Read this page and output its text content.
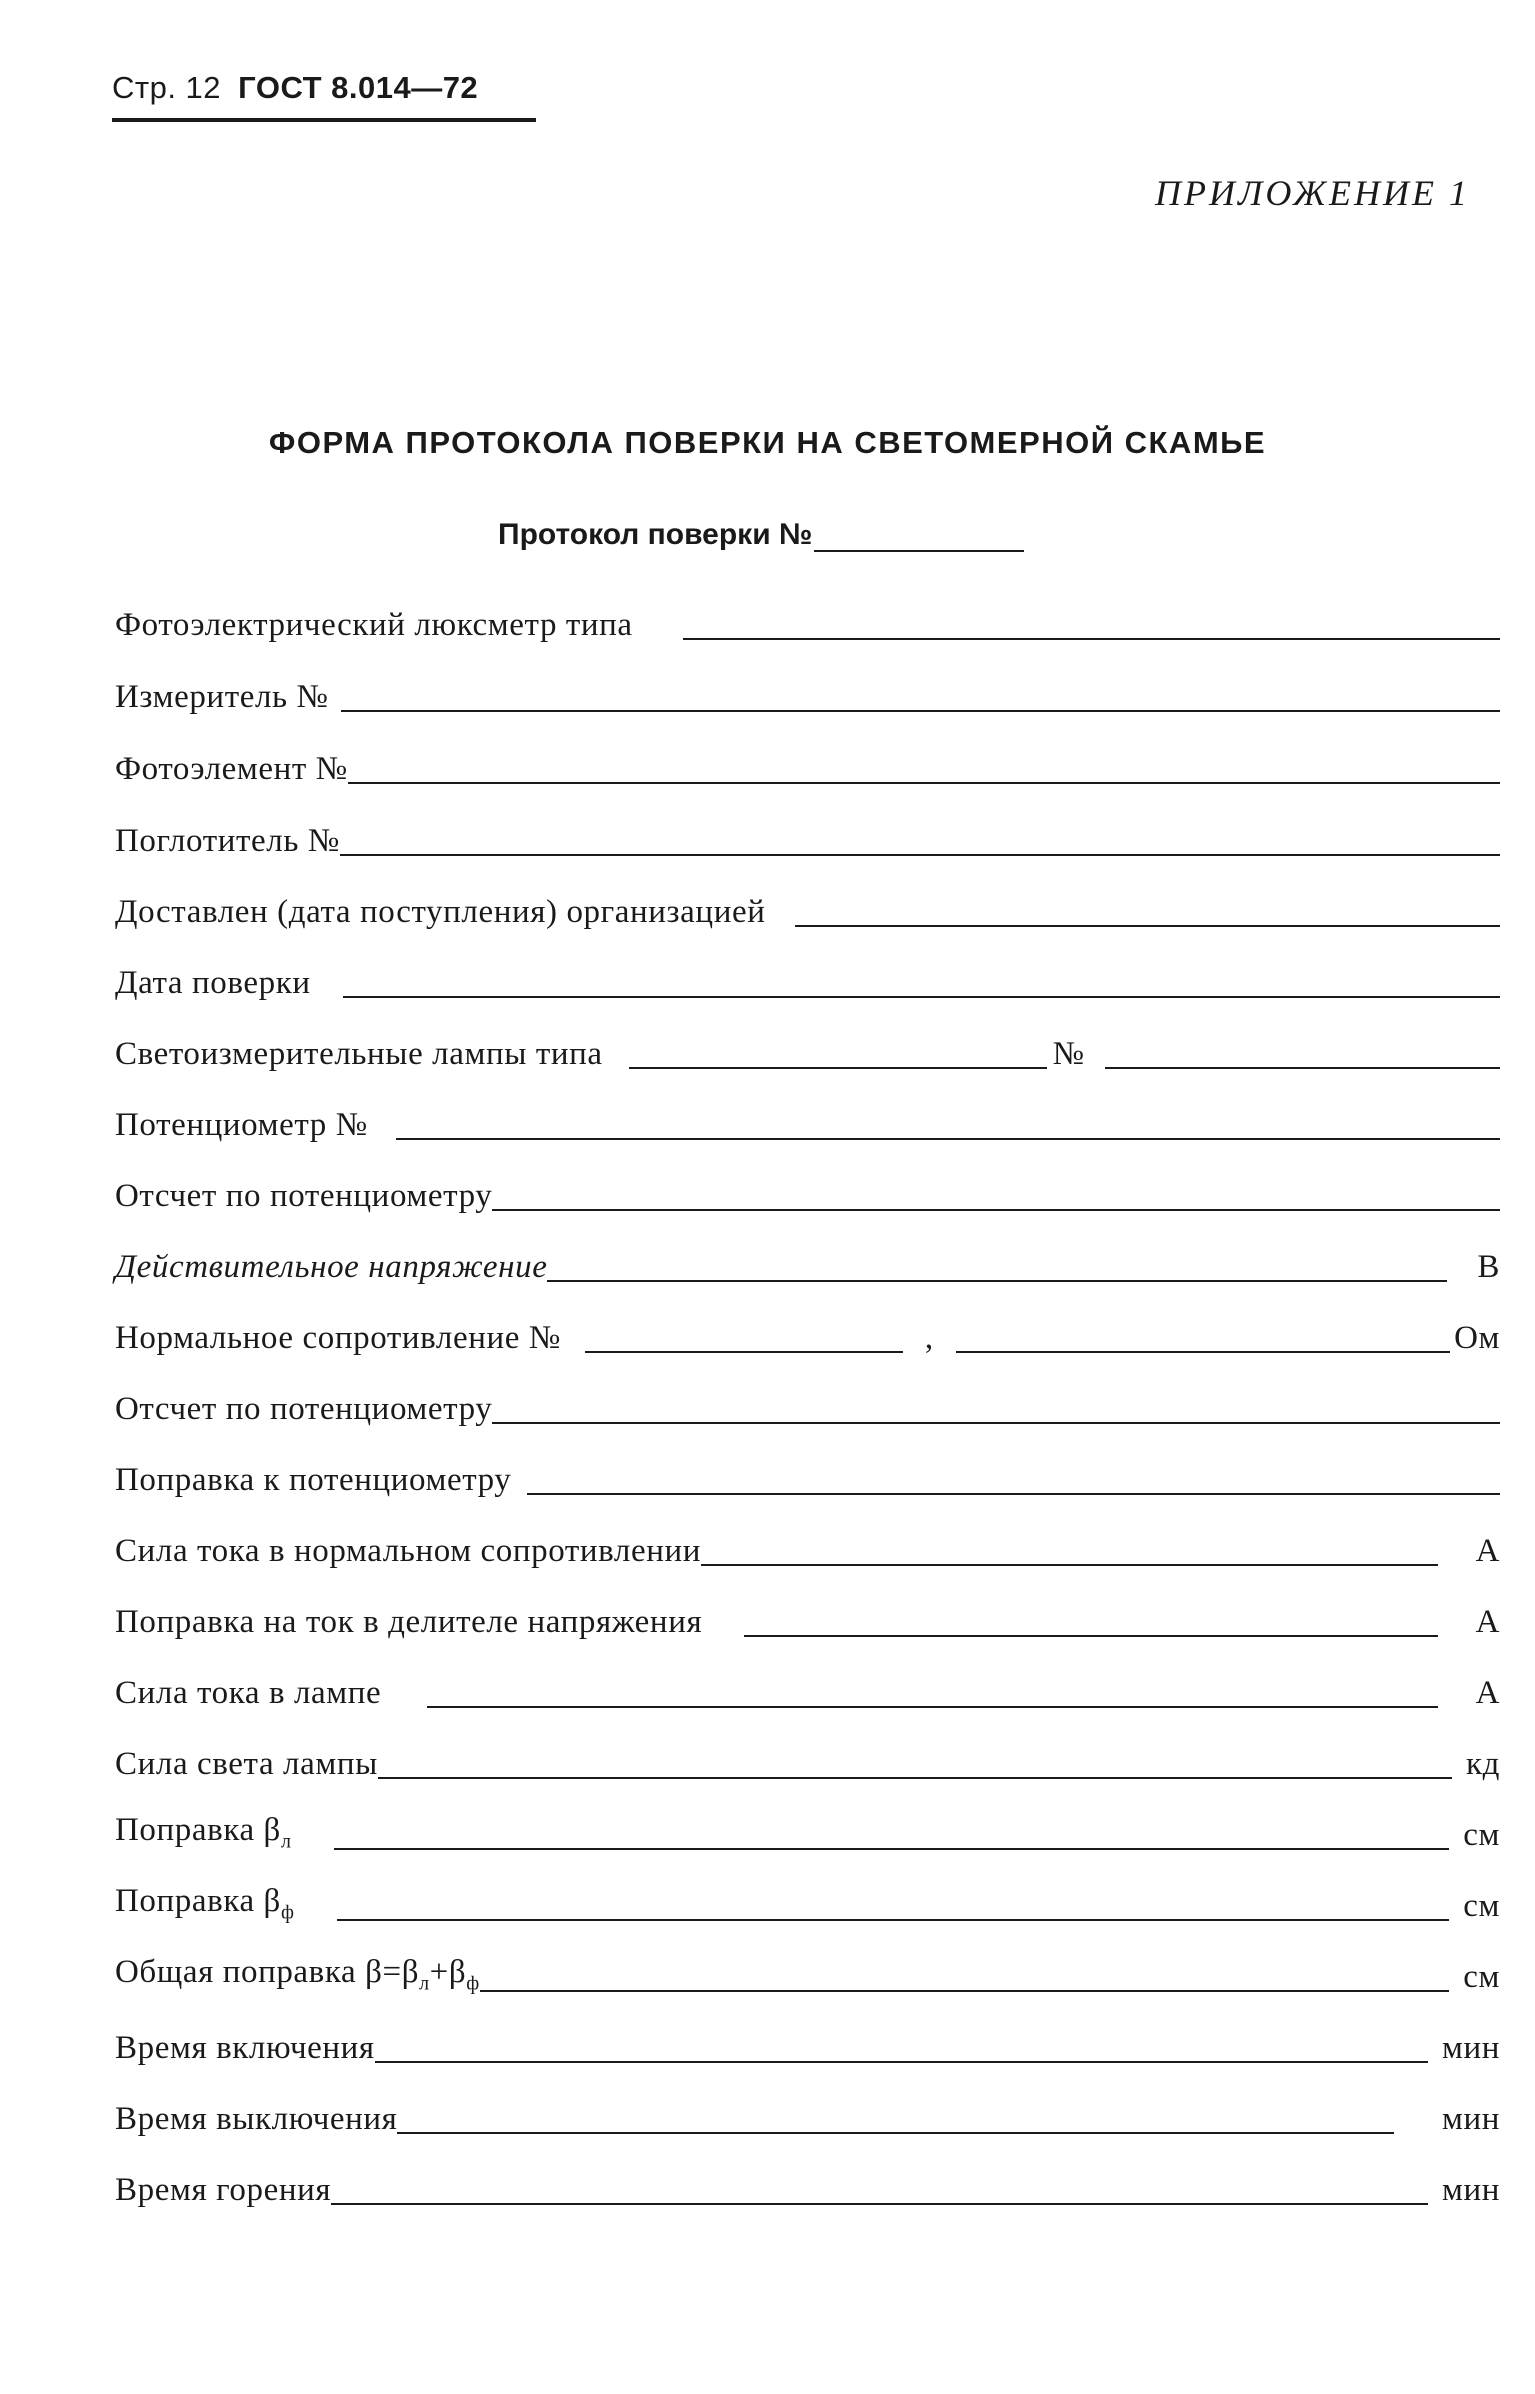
Стр. 12 ГОСТ 8.014—72
ПРИЛОЖЕНИЕ 1
ФОРМА ПРОТОКОЛА ПОВЕРКИ НА СВЕТОМЕРНОЙ СКАМЬЕ
Протокол поверки №
Фотоэлектрический люксметр типа
Измеритель №
Фотоэлемент №
Поглотитель №
Доставлен (дата поступления) организацией
Дата поверки
Светоизмерительные лампы типа	№
Потенциометр №
Отсчет по потенциометру
Действительное напряжение	В
Нормальное сопротивление №	,	Ом
Отсчет по потенциометру
Поправка к потенциометру
Сила тока в нормальном сопротивлении	А
Поправка на ток в делителе напряжения	А
Сила тока в лампе	А
Сила света лампы	кд
Поправка $\beta_л$	см
Поправка $\beta_ф$	см
Общая поправка $\beta=\beta_л+\beta_ф$	см
Время включения	мин
Время выключения	мин
Время горения	мин
